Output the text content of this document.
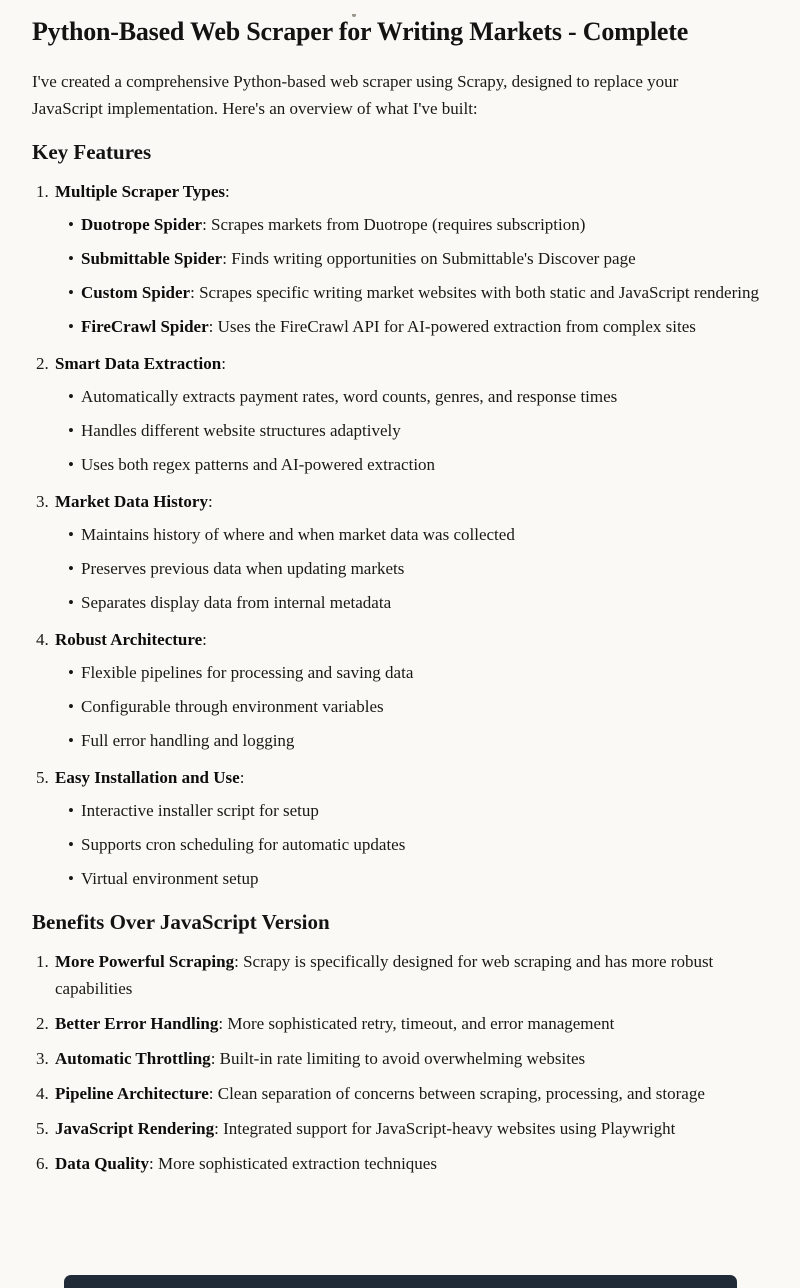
Python-Based Web Scraper for Writing Markets - Complete

I've created a comprehensive Python-based web scraper using Scrapy, designed to replace your JavaScript implementation. Here's an overview of what I've built:

Key Features
1. Multiple Scraper Types:
• Duotrope Spider: Scrapes markets from Duotrope (requires subscription)
• Submittable Spider: Finds writing opportunities on Submittable's Discover page
• Custom Spider: Scrapes specific writing market websites with both static and JavaScript rendering
• FireCrawl Spider: Uses the FireCrawl API for AI-powered extraction from complex sites
2. Smart Data Extraction:
• Automatically extracts payment rates, word counts, genres, and response times
• Handles different website structures adaptively
• Uses both regex patterns and AI-powered extraction
3. Market Data History:
• Maintains history of where and when market data was collected
• Preserves previous data when updating markets
• Separates display data from internal metadata
4. Robust Architecture:
• Flexible pipelines for processing and saving data
• Configurable through environment variables
• Full error handling and logging
5. Easy Installation and Use:
• Interactive installer script for setup
• Supports cron scheduling for automatic updates
• Virtual environment setup
Benefits Over JavaScript Version
1. More Powerful Scraping: Scrapy is specifically designed for web scraping and has more robust capabilities
2. Better Error Handling: More sophisticated retry, timeout, and error management
3. Automatic Throttling: Built-in rate limiting to avoid overwhelming websites
4. Pipeline Architecture: Clean separation of concerns between scraping, processing, and storage
5. JavaScript Rendering: Integrated support for JavaScript-heavy websites using Playwright
6. Data Quality: More sophisticated extraction techniques
